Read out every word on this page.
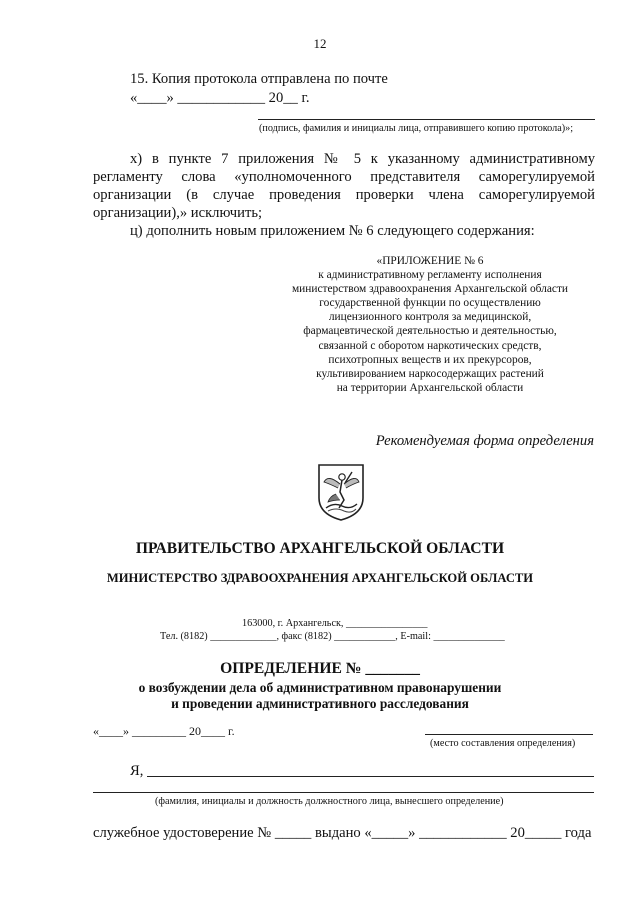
12
15. Копия протокола отправлена по почте
«____» ____________ 20__ г.
(подпись, фамилия и инициалы лица, отправившего копию протокола)»;
х) в пункте 7 приложения № 5 к указанному административному регламенту слова «уполномоченного представителя саморегулируемой организации (в случае проведения проверки члена саморегулируемой организации),» исключить;
ц) дополнить новым приложением № 6 следующего содержания:
«ПРИЛОЖЕНИЕ № 6
к административному регламенту исполнения
министерством здравоохранения Архангельской области
государственной функции по осуществлению
лицензионного контроля за медицинской,
фармацевтической деятельностью и деятельностью,
связанной с оборотом наркотических средств,
психотропных веществ и их прекурсоров,
культивированием наркосодержащих растений
на территории Архангельской области
Рекомендуемая форма определения
ПРАВИТЕЛЬСТВО АРХАНГЕЛЬСКОЙ ОБЛАСТИ
МИНИСТЕРСТВО ЗДРАВООХРАНЕНИЯ АРХАНГЕЛЬСКОЙ ОБЛАСТИ
163000, г. Архангельск, ________________
Тел. (8182) _____________, факс (8182) ____________, E-mail: ______________
ОПРЕДЕЛЕНИЕ № _______
о возбуждении дела об административном правонарушении
и проведении административного расследования
«____» _________ 20____ г.
(место составления определения)
Я,
(фамилия, инициалы и должность должностного лица, вынесшего определение)
служебное удостоверение № _____ выдано «_____» ____________ 20_____ года
